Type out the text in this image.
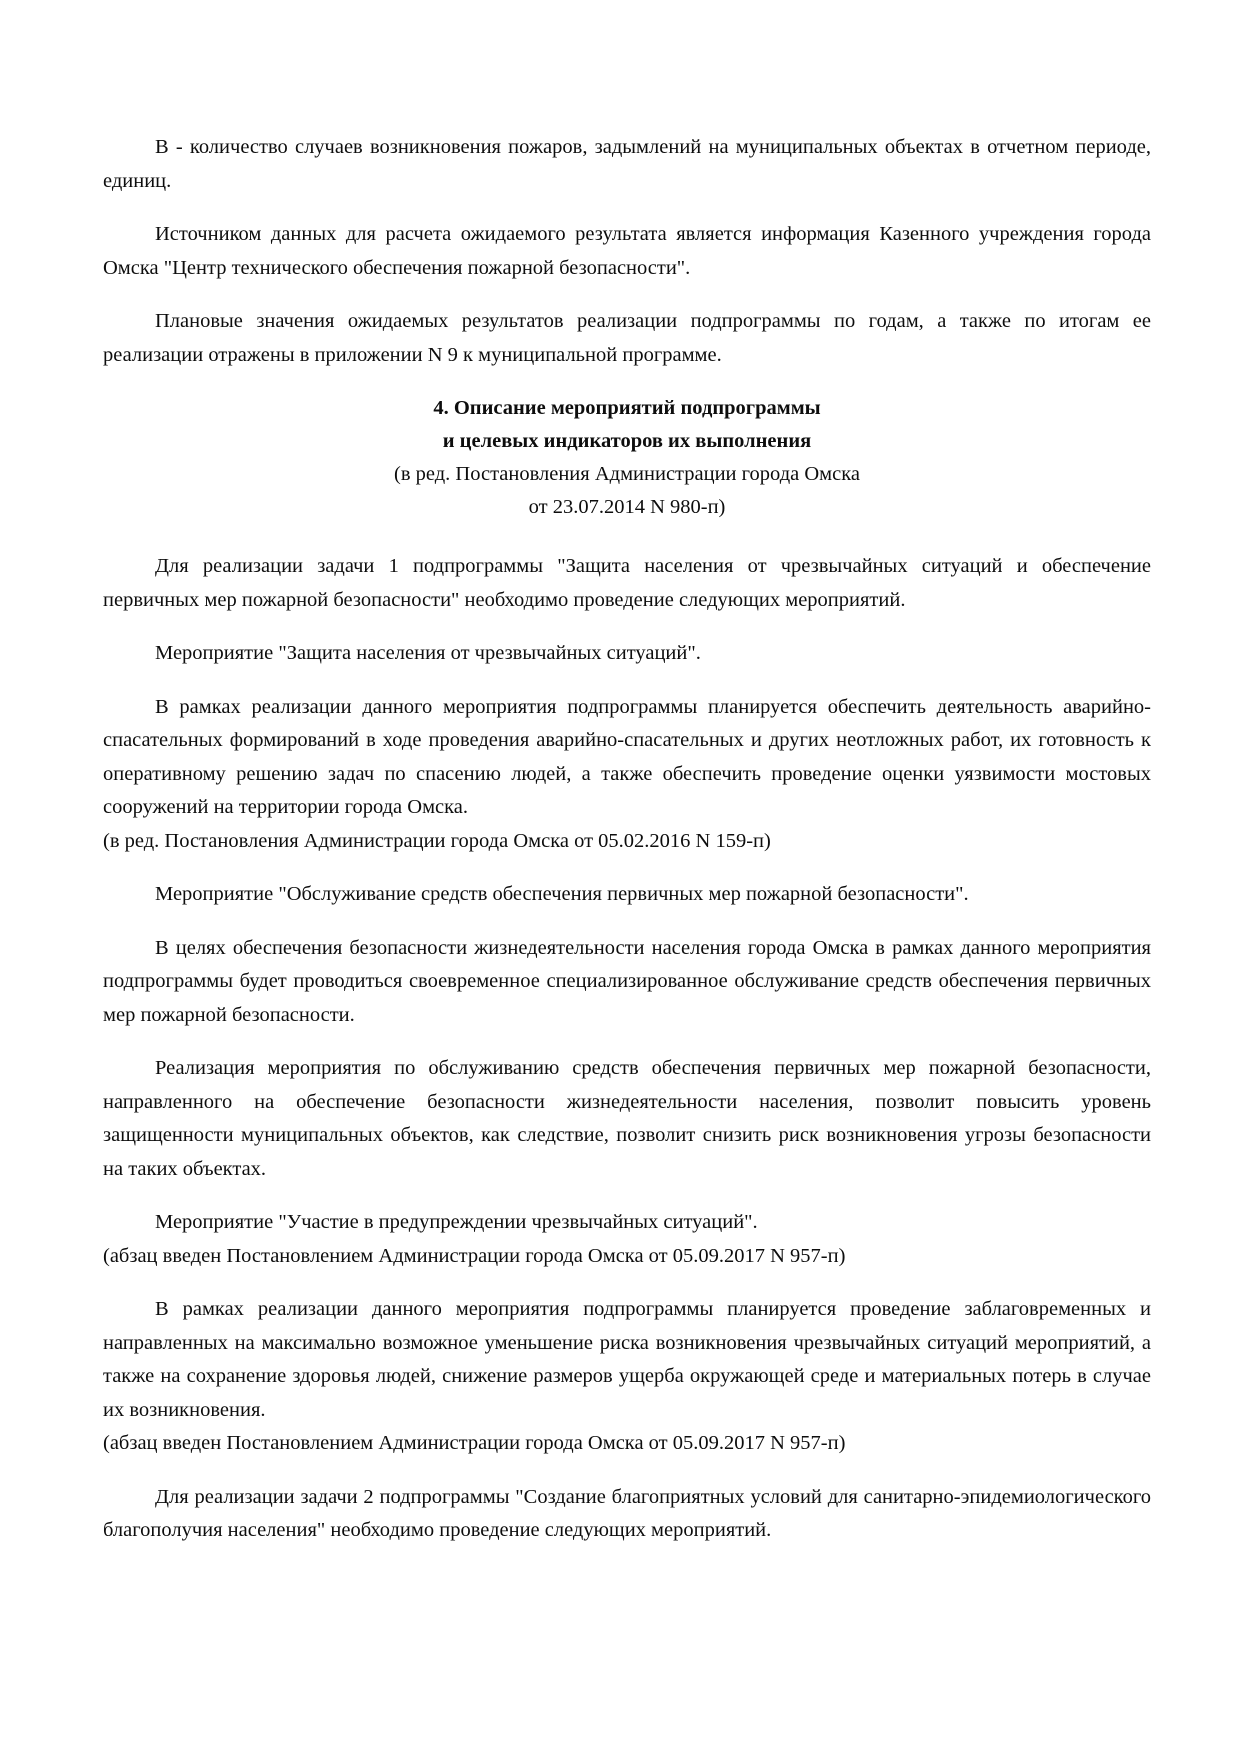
В - количество случаев возникновения пожаров, задымлений на муниципальных объектах в отчетном периоде, единиц.

Источником данных для расчета ожидаемого результата является информация Казенного учреждения города Омска "Центр технического обеспечения пожарной безопасности".

Плановые значения ожидаемых результатов реализации подпрограммы по годам, а также по итогам ее реализации отражены в приложении N 9 к муниципальной программе.

4. Описание мероприятий подпрограммы

и целевых индикаторов их выполнения

(в ред. Постановления Администрации города Омска

от 23.07.2014 N 980-п)

Для реализации задачи 1 подпрограммы "Защита населения от чрезвычайных ситуаций и обеспечение первичных мер пожарной безопасности" необходимо проведение следующих мероприятий.

Мероприятие "Защита населения от чрезвычайных ситуаций".

В рамках реализации данного мероприятия подпрограммы планируется обеспечить деятельность аварийно-спасательных формирований в ходе проведения аварийно-спасательных и других неотложных работ, их готовность к оперативному решению задач по спасению людей, а также обеспечить проведение оценки уязвимости мостовых сооружений на территории города Омска.

(в ред. Постановления Администрации города Омска от 05.02.2016 N 159-п)

Мероприятие "Обслуживание средств обеспечения первичных мер пожарной безопасности".

В целях обеспечения безопасности жизнедеятельности населения города Омска в рамках данного мероприятия подпрограммы будет проводиться своевременное специализированное обслуживание средств обеспечения первичных мер пожарной безопасности.

Реализация мероприятия по обслуживанию средств обеспечения первичных мер пожарной безопасности, направленного на обеспечение безопасности жизнедеятельности населения, позволит повысить уровень защищенности муниципальных объектов, как следствие, позволит снизить риск возникновения угрозы безопасности на таких объектах.

Мероприятие "Участие в предупреждении чрезвычайных ситуаций".

(абзац введен Постановлением Администрации города Омска от 05.09.2017 N 957-п)

В рамках реализации данного мероприятия подпрограммы планируется проведение заблаговременных и направленных на максимально возможное уменьшение риска возникновения чрезвычайных ситуаций мероприятий, а также на сохранение здоровья людей, снижение размеров ущерба окружающей среде и материальных потерь в случае их возникновения.

(абзац введен Постановлением Администрации города Омска от 05.09.2017 N 957-п)

Для реализации задачи 2 подпрограммы "Создание благоприятных условий для санитарно-эпидемиологического благополучия населения" необходимо проведение следующих мероприятий.
